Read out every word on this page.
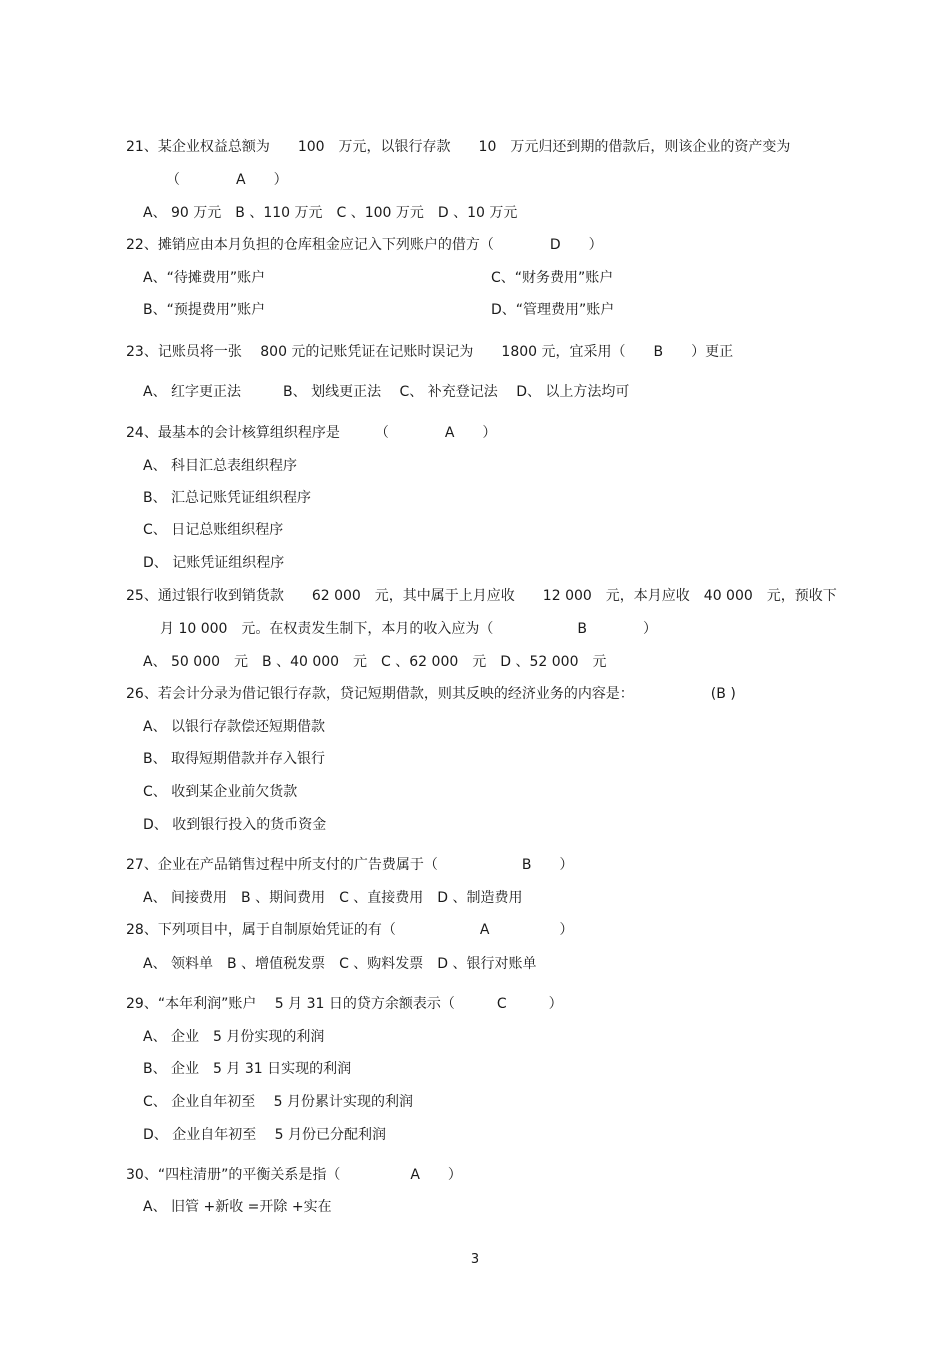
21、某企业权益总额为　　100　万元，以银行存款　　10　万元归还到期的借款后，则该企业的资产变为
（　　　　A　　）
A、 90 万元　B 、110 万元　C 、100 万元　D 、10 万元
22、摊销应由本月负担的仓库租金应记入下列账户的借方（　　　　D　　）
A、“待摊费用”账户	C、“财务费用”账户
B、“预提费用”账户	D、“管理费用”账户
23、记账员将一张　 800 元的记账凭证在记账时误记为　　1800 元，宜采用（　　B　　）更正
A、 红字更正法　　　B、 划线更正法　 C、 补充登记法　 D、 以上方法均可
24、最基本的会计核算组织程序是　　　（　　　　A　　）
A、 科目汇总表组织程序
B、 汇总记账凭证组织程序
C、 日记总账组织程序
D、 记账凭证组织程序
25、通过银行收到销货款　　62 000　元，其中属于上月应收　　12 000　元，本月应收　40 000　元，预收下
月 10 000　元。在权责发生制下，本月的收入应为（　　　　　　B　　　　）
A、 50 000　元　B 、40 000　元　C 、62 000　元　D 、52 000　元
26、若会计分录为借记银行存款，贷记短期借款，则其反映的经济业务的内容是：　　　　　　(B )
A、 以银行存款偿还短期借款
B、 取得短期借款并存入银行
C、 收到某企业前欠货款
D、 收到银行投入的货币资金
27、企业在产品销售过程中所支付的广告费属于（　　　　　　B　　）
A、 间接费用　B 、期间费用　C 、直接费用　D 、制造费用
28、下列项目中，属于自制原始凭证的有（　　　　　　A　　　　　）
A、 领料单　B 、增值税发票　C 、购料发票　D 、银行对账单
29、“本年利润”账户　 5 月 31 日的贷方余额表示（　　　C　　　）
A、 企业　5 月份实现的利润
B、 企业　5 月 31 日实现的利润
C、 企业自年初至　 5 月份累计实现的利润
D、 企业自年初至　 5 月份已分配利润
30、“四柱清册”的平衡关系是指（　　　　　A　　）
A、 旧管 +新收 =开除 +实在
3
